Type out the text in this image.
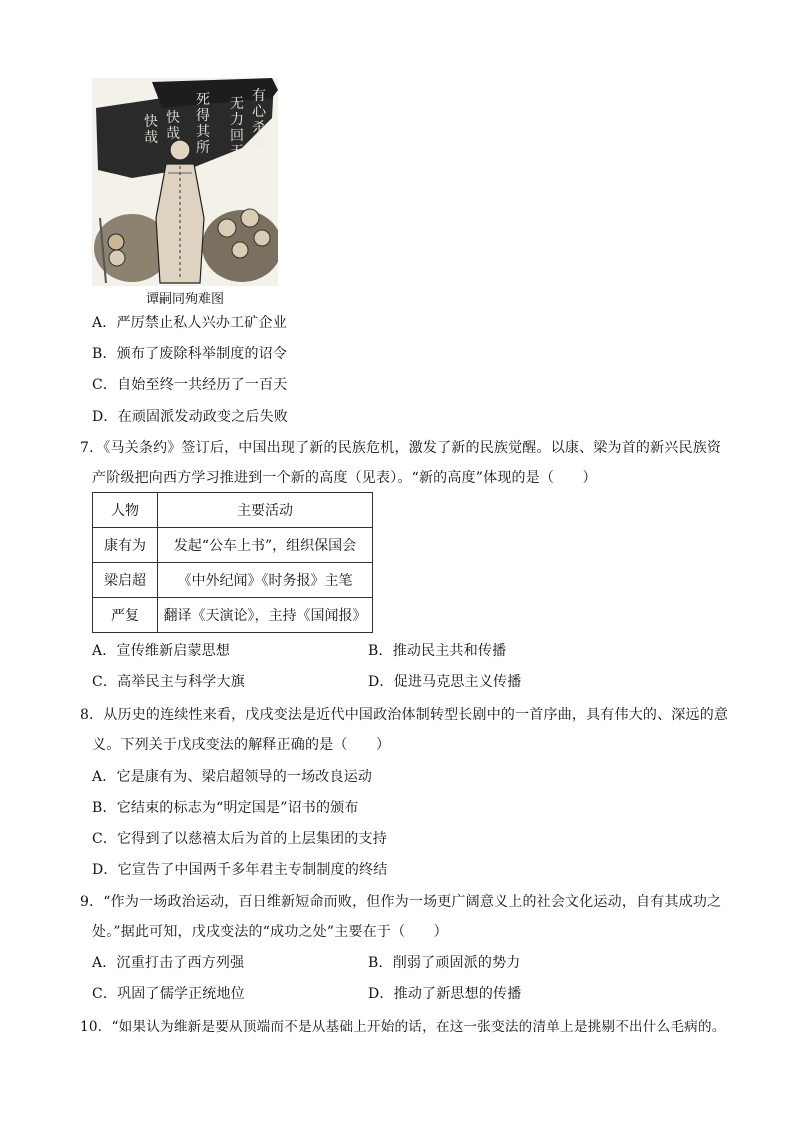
有
心
杀
贼
无
力
回
天
死
得
其
所
快
哉
快
哉
谭嗣同殉难图
A．严厉禁止私人兴办工矿企业
B．颁布了废除科举制度的诏令
C．自始至终一共经历了一百天
D．在顽固派发动政变之后失败
7．《马关条约》签订后，中国出现了新的民族危机，激发了新的民族觉醒。以康、梁为首的新兴民族资
产阶级把向西方学习推进到一个新的高度（见表）。“新的高度”体现的是（　　）
人物	主要活动
康有为	发起“公车上书”，组织保国会
梁启超	《中外纪闻》《时务报》主笔
严复	翻译《天演论》，主持《国闻报》
A．宣传维新启蒙思想	B．推动民主共和传播
C．高举民主与科学大旗	D．促进马克思主义传播
8．从历史的连续性来看，戊戌变法是近代中国政治体制转型长剧中的一首序曲，具有伟大的、深远的意
义。下列关于戊戌变法的解释正确的是（　　）
A．它是康有为、梁启超领导的一场改良运动
B．它结束的标志为“明定国是”诏书的颁布
C．它得到了以慈禧太后为首的上层集团的支持
D．它宣告了中国两千多年君主专制制度的终结
9．“作为一场政治运动，百日维新短命而败，但作为一场更广阔意义上的社会文化运动，自有其成功之
处。”据此可知，戊戌变法的“成功之处”主要在于（　　）
A．沉重打击了西方列强	B．削弱了顽固派的势力
C．巩固了儒学正统地位	D．推动了新思想的传播
10．“如果认为维新是要从顶端而不是从基础上开始的话，在这一张变法的清单上是挑剔不出什么毛病的。
